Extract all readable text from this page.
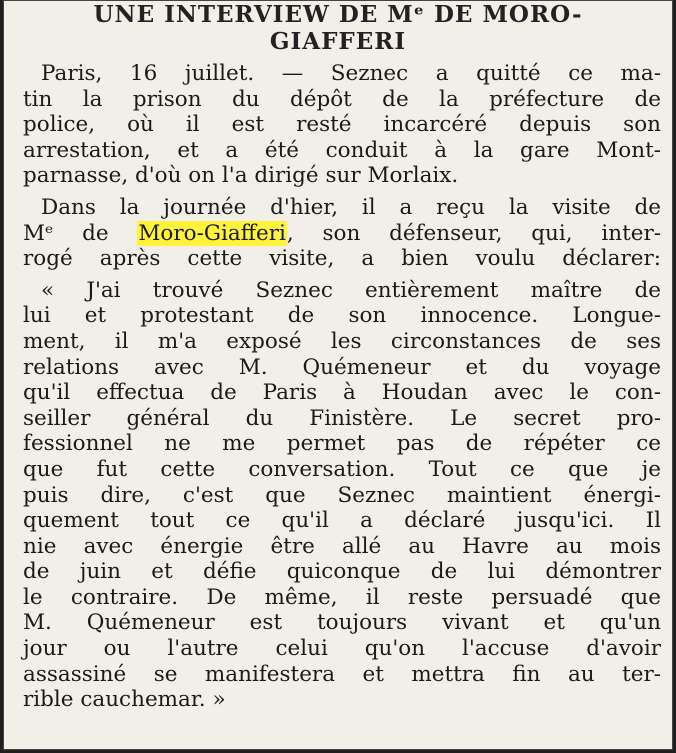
UNE INTERVIEW DE Mᵉ DE MORO-
GIAFFERI
Paris, 16 juillet. — Seznec a quitté ce ma-
tin la prison du dépôt de la préfecture de
police, où il est resté incarcéré depuis son
arrestation, et a été conduit à la gare Mont-
parnasse, d'où on l'a dirigé sur Morlaix.
Dans la journée d'hier, il a reçu la visite de
Mᵉ de Moro-Giafferi, son défenseur, qui, inter-
rogé après cette visite, a bien voulu déclarer:
« J'ai trouvé Seznec entièrement maître de
lui et protestant de son innocence. Longue-
ment, il m'a exposé les circonstances de ses
relations avec M. Quémeneur et du voyage
qu'il effectua de Paris à Houdan avec le con-
seiller général du Finistère. Le secret pro-
fessionnel ne me permet pas de répéter ce
que fut cette conversation. Tout ce que je
puis dire, c'est que Seznec maintient énergi-
quement tout ce qu'il a déclaré jusqu'ici. Il
nie avec énergie être allé au Havre au mois
de juin et défie quiconque de lui démontrer
le contraire. De même, il reste persuadé que
M. Quémeneur est toujours vivant et qu'un
jour ou l'autre celui qu'on l'accuse d'avoir
assassiné se manifestera et mettra fin au ter-
rible cauchemar. »
